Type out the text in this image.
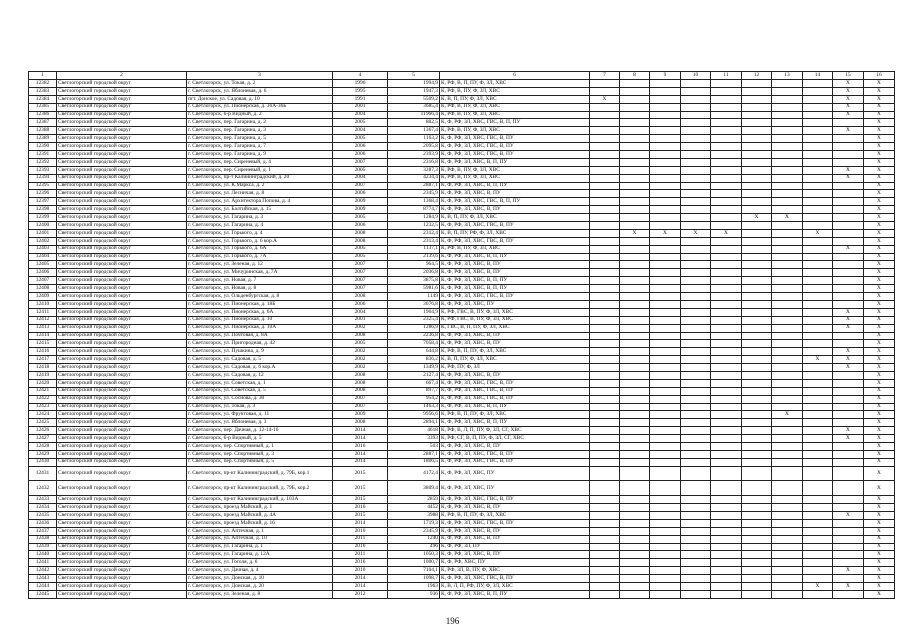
1	2	3	4	5	6	7	8	9	10	11	12	13	14	15	16
12382	Светлогорский городской округ	г. Светлогорск, ул. Токая, д. 2	1996	1994,9	К, РФ, В, П, ПУ, Ф, ЗЛ, ХВС									X	X
12383	Светлогорский городской округ	г. Светлогорск, ул. Яблоневая, д. 6	1995	1947,3	К, РФ, В, ПУ, Ф, ЗЛ, ХВС									X	X
12384	Светлогорский городской округ	пгт. Донское, ул. Садовая, д. 10	1991	5509,2	К, В, П, ПУ, Ф, ЗЛ, ХВС	X								X	X
12385	Светлогорский городской округ	г. Светлогорск, ул. Пионерская, д. 36А-36Б	2001	3685,4	К, РФ, В, ПУ, Ф, ЗЛ, ХВС									X	X
12386	Светлогорский городской округ	г. Светлогорск, б-р Видный, д. 2	2004	11966,4	К, РФ, В, ПУ, Ф, ЗЛ, ХВС									X	X
12387	Светлогорский городской округ	г. Светлогорск, пер. Гагарина, д. 2	2005	882,5	К, Ф, РФ, ЗЛ, ХВС, ГВС, В, П, ПУ										X
12388	Светлогорский городской округ	г. Светлогорск, пер. Гагарина, д. 3	2004	1367,4	К, РФ, В, ПУ, Ф, ЗЛ, ХВС									X	X
12389	Светлогорский городской округ	г. Светлогорск, пер. Гагарина, д. 5	2005	1163,2	К, Ф, РФ, ЗЛ, ХВС, ГВС, В, ПУ										X
12390	Светлогорский городской округ	г. Светлогорск, пер. Гагарина, д. 7	2006	2095,8	К, Ф, РФ, ЗЛ, ХВС, ГВС, В, ПУ										X
12391	Светлогорский городской округ	г. Светлогорск, пер. Гагарина, д. 9	2006	2393,9	К, Ф, РФ, ЗЛ, ХВС, ГВС, В, ПУ										X
12392	Светлогорский городской округ	г. Светлогорск, пер. Сиреневый, д. 4	2007	2316,8	К, Ф, РФ, ЗЛ, ХВС, В, П, ПУ										X
12393	Светлогорский городской округ	г. Светлогорск, пер. Сиреневый, д. 1	2005	3287,3	К, РФ, В, ПУ, Ф, ЗЛ, ХВС									X	X
12394	Светлогорский городской округ	г. Светлогорск, пр-т Калининградский, д. 20	2004	4234,4	К, РФ, В, ПУ, Ф, ЗЛ, ХВС									X	X
12395	Светлогорский городской округ	г. Светлогорск, ул. К.Маркса, д. 2	2007	2887,1	К, Ф, РФ, ЗЛ, ХВС, В, П, ПУ										X
12396	Светлогорский городской округ	г. Светлогорск, ул. Лесничая, д. 8	2006	2345,9	К, Ф, РФ, ЗЛ, ХВС, В, ПУ										X
12397	Светлогорский городской округ	г. Светлогорск, ул. Архитектора Попова, д. 4	2009	1368,4	К, Ф, РФ, ЗЛ, ХВС, ГВС, В, П, ПУ										X
12398	Светлогорский городской округ	г. Светлогорск, ул. Балтийская, д. 15	2009	8774,7	К, Ф, РФ, ЗЛ, ХВС, В, ПУ										X
12399	Светлогорский городской округ	г. Светлогорск, ул. Гагарина, д. 3	2005	1284,9	К, В, П, ПУ, Ф, ЗЛ, ХВС						X	X			X
12400	Светлогорский городской округ	г. Светлогорск, ул. Гагарина, д. 4	2006	1232,5	К, Ф, РФ, ЗЛ, ХВС, ГВС, В, ПУ										X
12401	Светлогорский городской округ	г. Светлогорск, ул. Горького, д. 4	2008	2312,4	К, В, П, ПУ, РФ, Ф, ЗЛ, ХВС		X	X	X	X			X		X
12402	Светлогорский городской округ	г. Светлогорск, ул. Горького, д. 6 кор.А	2008	2313,4	К, Ф, РФ, ЗЛ, ХВС, ГВС, В, ПУ										X
12403	Светлогорский городской округ	г. Светлогорск, ул. Горького, д. 6А	2005	1137,1	К, РФ, В, ПУ, Ф, ЗЛ, ХВС									X	X
12404	Светлогорский городской округ	г. Светлогорск, ул. Горького, д. 7А	2005	2139,6	К, Ф, РФ, ЗЛ, ХВС, В, П, ПУ										X
12405	Светлогорский городской округ	г. Светлогорск, ул. Зеленая, д. 12	2007	964,5	К, Ф, РФ, ЗЛ, ХВС, В, ПУ										X
12406	Светлогорский городской округ	г. Светлогорск, ул. Мичуринская, д. 7А	2007	2036,8	К, Ф, РФ, ЗЛ, ХВС, В, ПУ										X
12407	Светлогорский городской округ	г. Светлогорск, ул. Новая, д. 7	2007	3875,8	К, Ф, РФ, ЗЛ, ХВС, В, П, ПУ										X
12408	Светлогорский городской округ	г. Светлогорск, ул. Новая, д. 8	2007	5981,6	К, Ф, РФ, ЗЛ, ХВС, В, П, ПУ										X
12409	Светлогорский городской округ	г. Светлогорск, ул. Ольденбургская, д. 8	2008	1149	К, Ф, РФ, ЗЛ, ХВС, ГВС, В, ПУ										X
12410	Светлогорский городской округ	г. Светлогорск, ул. Пионерская, д. 18Б	2006	3076,8	К, Ф, РФ, ЗЛ, ХВС, ПУ										X
12411	Светлогорский городской округ	г. Светлогорск, ул. Пионерская, д. 6А	2004	1904,9	К, РФ, ГВС, В, ПУ, Ф, ЗЛ, ХВС									X	X
12412	Светлогорский городской округ	г. Светлогорск, ул. Пионерская, д. 10	2001	2325,4	К, РФ, ГВС, В, ПУ, Ф, ЗЛ, ХВС									X	X
12413	Светлогорский городской округ	г. Светлогорск, ул. Пионерская, д. 10А	2002	1286,9	К, ГВС, В, П, ПУ, Ф, ЗЛ, ХВС									X	X
12414	Светлогорский городской округ	г. Светлогорск, ул. Почтовая, д. 8А	2008	2236,8	К, Ф, РФ, ЗЛ, ХВС, В, ПУ										X
12415	Светлогорский городской округ	г. Светлогорск, ул. Пригородная, д. 42	2005	7058,4	К, Ф, РФ, ЗЛ, ХВС, В, ПУ										X
12416	Светлогорский городской округ	г. Светлогорск, ул. Пушкина, д. 9	2002	644,8	К, РФ, В, П, ПУ, Ф, ЗЛ, ХВС									X	X
12417	Светлогорский городской округ	г. Светлогорск, ул. Садовая, д. 5	2002	836,2	К, В, П, ПУ, Ф, ЗЛ, ХВС								X	X	X
12418	Светлогорский городской округ	г. Светлогорск, ул. Садовая, д. 6 кор.А	2002	1349,9	К, РФ, ПУ, Ф, ЗЛ									X	X
12419	Светлогорский городской округ	г. Светлогорск, ул. Садовая, д. 12	2008	2127,4	К, Ф, РФ, ЗЛ, ХВС, В, ПУ										X
12420	Светлогорский городской округ	г. Светлогорск, ул. Советская, д. 1	2008	667,4	К, Ф, РФ, ЗЛ, ХВС, ГВС, В, ПУ										X
12421	Светлогорский городской округ	г. Светлогорск, ул. Советская, д. 5	2008	897,7	К, Ф, РФ, ЗЛ, ХВС, ГВС, В, ПУ										X
12422	Светлогорский городской округ	г. Светлогорск, ул. Соснова, д. 30	2007	954,2	К, Ф, РФ, ЗЛ, ХВС, ГВС, В, ПУ										X
12423	Светлогорский городской округ	г. Светлогорск, ул. Токая, д. 3	2007	1463,3	К, Ф, РФ, ЗЛ, ХВС, В, П, ПУ										X
12424	Светлогорский городской округ	г. Светлогорск, ул. Фруктовая, д. 11	2009	9956,6	К, РФ, В, П, ПУ, Ф, ЗЛ, ХВС							X			X
12425	Светлогорский городской округ	г. Светлогорск, ул. Яблоневая, д. 3	2008	2894,1	К, Ф, РФ, ЗЛ, ХВС, В, П, ПУ										X
12426	Светлогорский городской округ	г. Светлогорск, пер. Дачная, д. 12-14-16	2014	4618	К, РФ, В, Л, П, ПУ, Ф, ЗЛ, СГ, ХВС									X	X
12427	Светлогорский городской округ	г. Светлогорск, б-р Видный, д. 5	2014	3393	К, РФ, СГ, В, П, ПУ, Ф, ЗЛ, СГ, ХВС									X	X
12428	Светлогорский городской округ	г. Светлогорск, пер. Спортивный, д. 1	2016	503	К, Ф, РФ, ЗЛ, ХВС, В, ПУ										X
12429	Светлогорский городской округ	г. Светлогорск, пер. Спортивный, д. 3	2014	2887,1	К, Ф, РФ, ЗЛ, ХВС, ГВС, В, ПУ										X
12430	Светлогорский городской округ	г. Светлогорск, пер. Спортивный, д. 5	2014	1806,5	К, Ф, РФ, ЗЛ, ХВС, ГВС, В, ПУ										X
12431	Светлогорский городской округ	г. Светлогорск, пр-кт Калининградский, д. 79Б, кор.1	2015	4172,4	К, Ф, РФ, ЗЛ, ХВС, ПУ										X
12432	Светлогорский городской округ	г. Светлогорск, пр-кт Калининградский, д. 79Б, кор.2	2015	3809,4	К, Ф, РФ, ЗЛ, ХВС, ПУ										X
12433	Светлогорский городской округ	г. Светлогорск, пр-кт Калининградский, д. 103А	2015	2859	К, Ф, РФ, ЗЛ, ХВС, ГВС, В, ПУ										X
12434	Светлогорский городской округ	г. Светлогорск, проезд Майский, д. 1	2016	4452	К, Ф, РФ, ЗЛ, ХВС, В, ПУ										X
12435	Светлогорский городской округ	г. Светлогорск, проезд Майский, д. 4А	2015	3988	К, РФ, В, П, ПУ, Ф, ЗЛ, ХВС									X	X
12436	Светлогорский городской округ	г. Светлогорск, проезд Майский, д. 16	2014	1719,3	К, Ф, РФ, ЗЛ, ХВС, ГВС, В, ПУ										X
12437	Светлогорский городской округ	г. Светлогорск, ул. Аптечная, д. 1	2010	2345,9	К, Ф, РФ, ЗЛ, ХВС, В, ПУ										X
12438	Светлогорский городской округ	г. Светлогорск, ул. Аптечная, д. 10	2011	1240	К, Ф, РФ, ЗЛ, ХВС, В, ПУ										X
12439	Светлогорский городской округ	г. Светлогорск, ул. Гагарина, д. 1	2016	496	К, Ф, РФ, ЗЛ, ПУ										X
12440	Светлогорский городской округ	г. Светлогорск, ул. Гагарина, д. 12А	2011	1050,3	К, Ф, РФ, ЗЛ, ХВС, В, ПУ										X
12441	Светлогорский городской округ	г. Светлогорск, ул. Гоголя, д. 6	2016	1000,7	К, Ф, РФ, ХВС, ПУ										X
12442	Светлогорский городской округ	г. Светлогорск, ул. Дачная, д. 4	2010	7104,1	К, РФ, ЗЛ, В, ПУ, Ф, ХВС									X	X
12443	Светлогорский городской округ	г. Светлогорск, ул. Донская, д. 10	2014	1098,7	К, Ф, РФ, ЗЛ, ХВС, ГВС, В, ПУ										X
12444	Светлогорский городской округ	г. Светлогорск, ул. Донская, д. 20	2014	1963	К, В, Л, П, РФ, ПУ, Ф, ЗЛ, ХВС								X	X	X
12445	Светлогорский городской округ	г. Светлогорск, ул. Зеленая, д. 8	2012	936	К, Ф, РФ, ЗЛ, ХВС, В, П, ПУ										X
196
